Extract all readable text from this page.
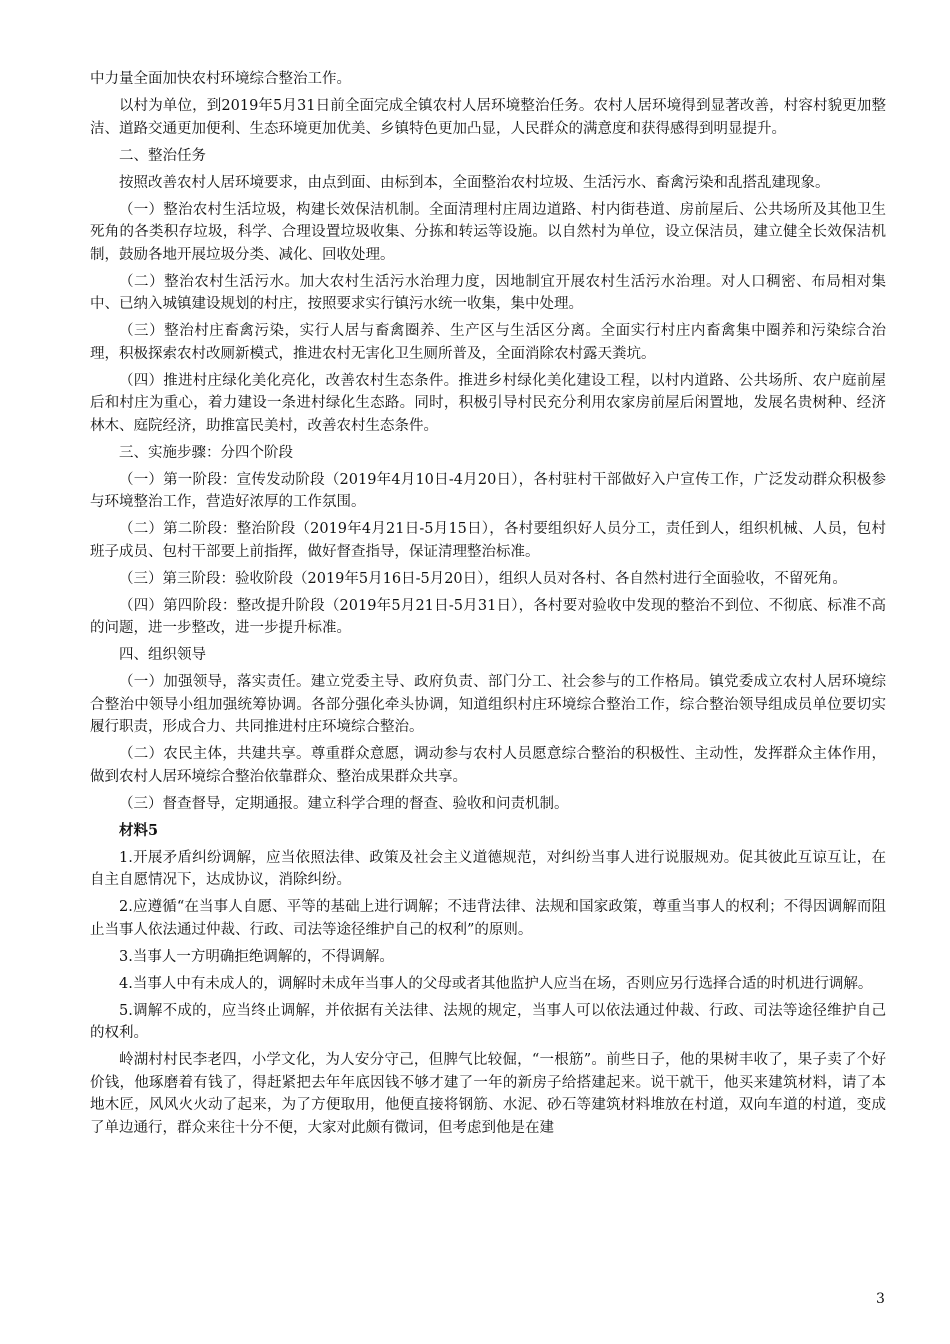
中力量全面加快农村环境综合整治工作。

以村为单位，到2019年5月31日前全面完成全镇农村人居环境整治任务。农村人居环境得到显著改善，村容村貌更加整洁、道路交通更加便利、生态环境更加优美、乡镇特色更加凸显，人民群众的满意度和获得感得到明显提升。

二、整治任务

按照改善农村人居环境要求，由点到面、由标到本，全面整治农村垃圾、生活污水、畜禽污染和乱搭乱建现象。

（一）整治农村生活垃圾，构建长效保洁机制。全面清理村庄周边道路、村内街巷道、房前屋后、公共场所及其他卫生死角的各类积存垃圾，科学、合理设置垃圾收集、分拣和转运等设施。以自然村为单位，设立保洁员，建立健全长效保洁机制，鼓励各地开展垃圾分类、减化、回收处理。

（二）整治农村生活污水。加大农村生活污水治理力度，因地制宜开展农村生活污水治理。对人口稠密、布局相对集中、已纳入城镇建设规划的村庄，按照要求实行镇污水统一收集，集中处理。

（三）整治村庄畜禽污染，实行人居与畜禽圈养、生产区与生活区分离。全面实行村庄内畜禽集中圈养和污染综合治理，积极探索农村改厕新模式，推进农村无害化卫生厕所普及，全面消除农村露天粪坑。

（四）推进村庄绿化美化亮化，改善农村生态条件。推进乡村绿化美化建设工程，以村内道路、公共场所、农户庭前屋后和村庄为重心，着力建设一条进村绿化生态路。同时，积极引导村民充分利用农家房前屋后闲置地，发展名贵树种、经济林木、庭院经济，助推富民美村，改善农村生态条件。

三、实施步骤：分四个阶段

（一）第一阶段：宣传发动阶段（2019年4月10日-4月20日），各村驻村干部做好入户宣传工作，广泛发动群众积极参与环境整治工作，营造好浓厚的工作氛围。

（二）第二阶段：整治阶段（2019年4月21日-5月15日），各村要组织好人员分工，责任到人，组织机械、人员，包村班子成员、包村干部要上前指挥，做好督查指导，保证清理整治标准。

（三）第三阶段：验收阶段（2019年5月16日-5月20日），组织人员对各村、各自然村进行全面验收，不留死角。

（四）第四阶段：整改提升阶段（2019年5月21日-5月31日），各村要对验收中发现的整治不到位、不彻底、标准不高的问题，进一步整改，进一步提升标准。

四、组织领导

（一）加强领导，落实责任。建立党委主导、政府负责、部门分工、社会参与的工作格局。镇党委成立农村人居环境综合整治中领导小组加强统筹协调。各部分强化牵头协调，知道组织村庄环境综合整治工作，综合整治领导组成员单位要切实履行职责，形成合力、共同推进村庄环境综合整治。

（二）农民主体，共建共享。尊重群众意愿，调动参与农村人员愿意综合整治的积极性、主动性，发挥群众主体作用，做到农村人居环境综合整治依靠群众、整治成果群众共享。

（三）督查督导，定期通报。建立科学合理的督查、验收和问责机制。

材料5

1.开展矛盾纠纷调解，应当依照法律、政策及社会主义道德规范，对纠纷当事人进行说服规劝。促其彼此互谅互让，在自主自愿情况下，达成协议，消除纠纷。

2.应遵循“在当事人自愿、平等的基础上进行调解；不违背法律、法规和国家政策，尊重当事人的权利；不得因调解而阻止当事人依法通过仲裁、行政、司法等途径维护自己的权利”的原则。

3.当事人一方明确拒绝调解的，不得调解。

4.当事人中有未成人的，调解时未成年当事人的父母或者其他监护人应当在场，否则应另行选择合适的时机进行调解。

5.调解不成的，应当终止调解，并依据有关法律、法规的规定，当事人可以依法通过仲裁、行政、司法等途径维护自己的权利。

岭湖村村民李老四，小学文化，为人安分守己，但脾气比较倔，“一根筋”。前些日子，他的果树丰收了，果子卖了个好价钱，他琢磨着有钱了，得赶紧把去年年底因钱不够才建了一年的新房子给搭建起来。说干就干，他买来建筑材料，请了本地木匠，风风火火动了起来，为了方便取用，他便直接将钢筋、水泥、砂石等建筑材料堆放在村道，双向车道的村道，变成了单边通行，群众来往十分不便，大家对此颇有微词，但考虑到他是在建

3
